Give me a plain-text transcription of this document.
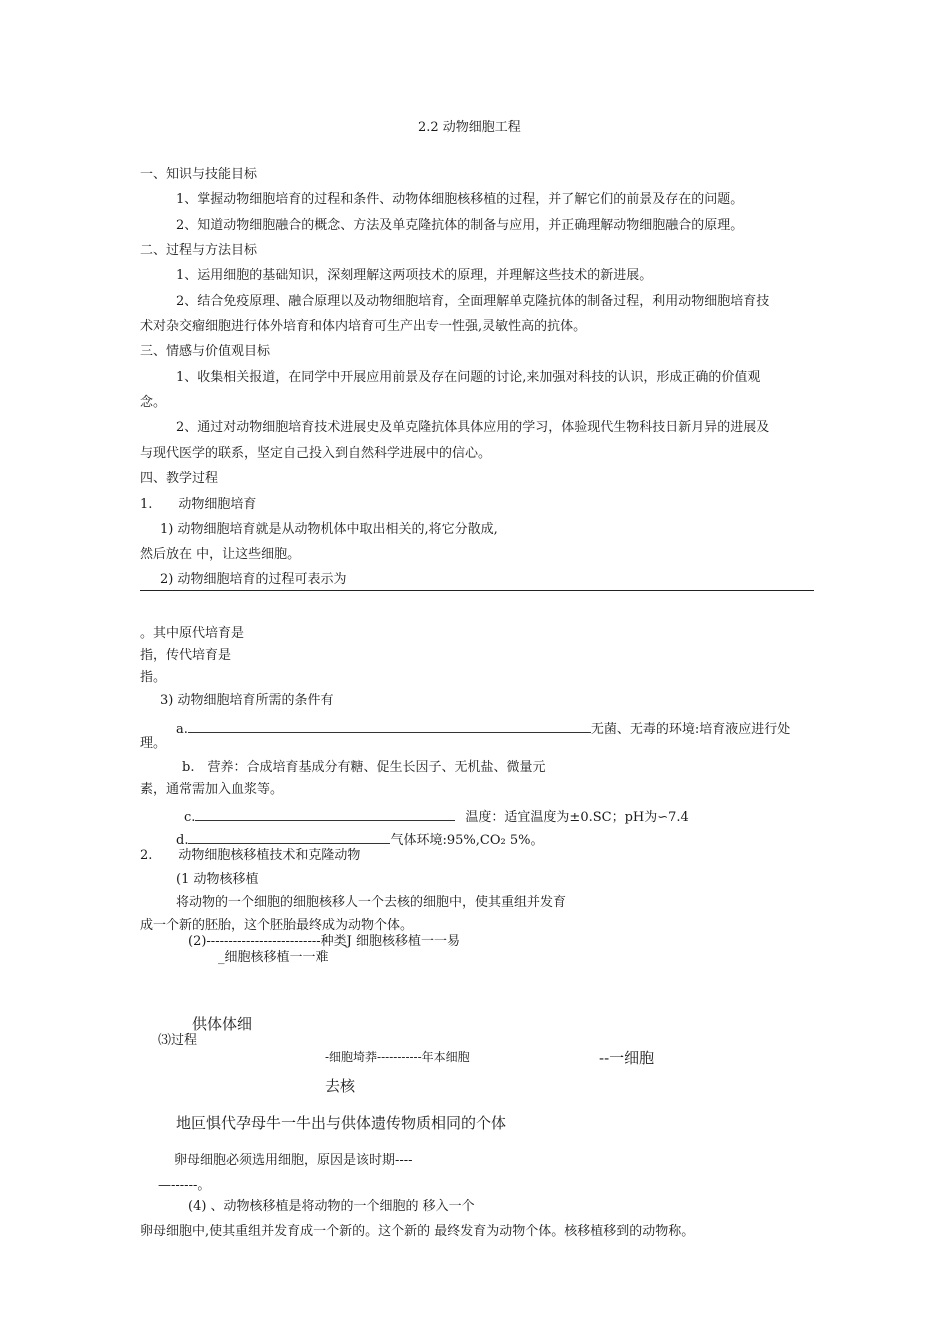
2.2 动物细胞工程
一、知识与技能目标
1、掌握动物细胞培育的过程和条件、动物体细胞核移植的过程，并了解它们的前景及存在的问题。
2、知道动物细胞融合的概念、方法及单克隆抗体的制备与应用，并正确理解动物细胞融合的原理。
二、过程与方法目标
1、运用细胞的基础知识，深刻理解这两项技术的原理，并理解这些技术的新进展。
2、结合免疫原理、融合原理以及动物细胞培育，全面理解单克隆抗体的制备过程，利用动物细胞培育技
术对杂交瘤细胞进行体外培育和体内培育可生产出专一性强,灵敏性高的抗体。
三、情感与价值观目标
1、收集相关报道，在同学中开展应用前景及存在问题的讨论,来加强对科技的认识，形成正确的价值观
念。
2、通过对动物细胞培育技术进展史及单克隆抗体具体应用的学习，体验现代生物科技日新月异的进展及
与现代医学的联系，坚定自己投入到自然科学进展中的信心。
四、教学过程
1.　　动物细胞培育
1) 动物细胞培育就是从动物机体中取出相关的,将它分散成,
然后放在 中，让这些细胞。
2) 动物细胞培育的过程可表示为
。其中原代培育是
指，传代培育是
指。
3) 动物细胞培育所需的条件有
a.	无菌、无毒的环境:培育液应进行处
理。
b.　营养：合成培育基成分有糖、促生长因子、无机盐、微量元
素，通常需加入血浆等。
c.	温度：适宜温度为±0.SC；pH为∽7.4
d.	气体环境:95%,CO₂ 5%。
2.　　动物细胞核移植技术和克隆动物
(1 动物核移植
将动物的一个细胞的细胞核移人一个去核的细胞中，使其重组并发育
成一个新的胚胎，这个胚胎最终成为动物个体。
(2)--------------------------种类J 细胞核移植一一易
_细胞核移植一一难
供体体细
⑶过程
-细胞埼莽-----------年本细胞	--一细胞
去核
地叵惧代孕母牛一牛出与供体遗传物质相同的个体
卵母细胞必须选用细胞，原因是该时期----
—------。
(4) 、动物核移植是将动物的一个细胞的 移入一个
卵母细胞中,使其重组并发育成一个新的。这个新的 最终发育为动物个体。核移植移到的动物称。
